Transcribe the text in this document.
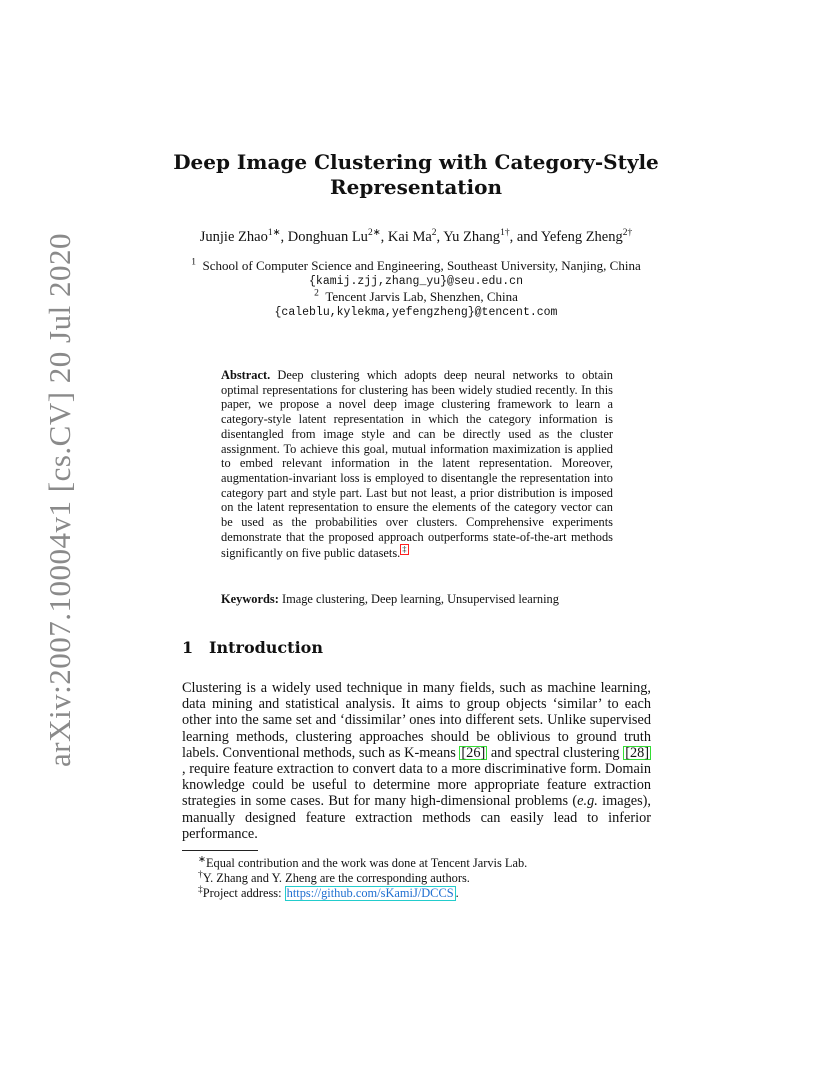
arXiv:2007.10004v1 [cs.CV] 20 Jul 2020
Deep Image Clustering with Category-Style
Representation
Junjie Zhao$^{1∗}$, Donghuan $Lu^{2∗}$, Kai Ma$^2$, Yu Zhang$^{1\dagger}$, and Yefeng Zheng$^{2\dagger}$
$^1$ School of Computer Science and Engineering, Southeast University, Nanjing, China
{kamij.zjj,zhang_yu}@seu.edu.cn
$^2$ Tencent Jarvis Lab, Shenzhen, China
{caleblu,kylekma,yefengzheng}@tencent.com
Abstract. Deep clustering which adopts deep neural networks to obtain optimal representations for clustering has been widely studied recently. In this paper, we propose a novel deep image clustering framework to learn a category-style latent representation in which the category information is disentangled from image style and can be directly used as the cluster assignment. To achieve this goal, mutual information maximization is applied to embed relevant information in the latent representation. Moreover, augmentation-invariant loss is employed to disentangle the representation into category part and style part. Last but not least, a prior distribution is imposed on the latent representation to ensure the elements of the category vector can be used as the probabilities over clusters. Comprehensive experiments demonstrate that the proposed approach outperforms state-of-the-art methods significantly on five public datasets. ‡
Keywords: Image clustering, Deep learning, Unsupervised learning
1 Introduction
Clustering is a widely used technique in many fields, such as machine learning, data mining and statistical analysis. It aims to group objects ‘similar’ to each other into the same set and ‘dissimilar’ ones into different sets. Unlike supervised learning methods, clustering approaches should be oblivious to ground truth labels. Conventional methods, such as K-means [26] and spectral clustering [28], require feature extraction to convert data to a more discriminative form. Domain knowledge could be useful to determine more appropriate feature extraction strategies in some cases. But for many high-dimensional problems (e.g. images), manually designed feature extraction methods can easily lead to inferior performance.
∗Equal contribution and the work was done at Tencent Jarvis Lab.
†Y. Zhang and Y. Zheng are the corresponding authors.
‡Project address: https://github.com/sKamiJ/DCCS .
